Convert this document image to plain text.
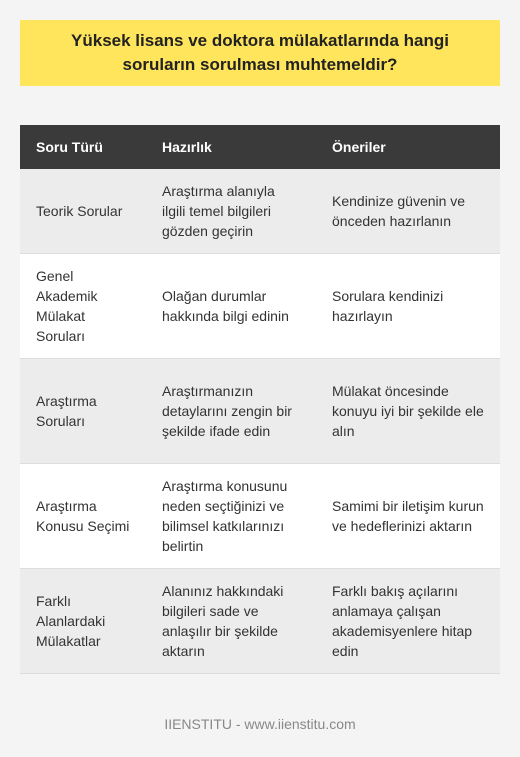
Yüksek lisans ve doktora mülakatlarında hangi soruların sorulması muhtemeldir?
Soru Türü	Hazırlık	Öneriler
Teorik Sorular	Araştırma alanıyla ilgili temel bilgileri gözden geçirin	Kendinize güvenin ve önceden hazırlanın
Genel Akademik Mülakat Soruları	Olağan durumlar hakkında bilgi edinin	Sorulara kendinizi hazırlayın
Araştırma Soruları	Araştırmanızın detaylarını zengin bir şekilde ifade edin	Mülakat öncesinde konuyu iyi bir şekilde ele alın
Araştırma Konusu Seçimi	Araştırma konusunu neden seçtiğinizi ve bilimsel katkılarınızı belirtin	Samimi bir iletişim kurun ve hedeflerinizi aktarın
Farklı Alanlardaki Mülakatlar	Alanınız hakkındaki bilgileri sade ve anlaşılır bir şekilde aktarın	Farklı bakış açılarını anlamaya çalışan akademisyenlere hitap edin
IIENSTITU - www.iienstitu.com
